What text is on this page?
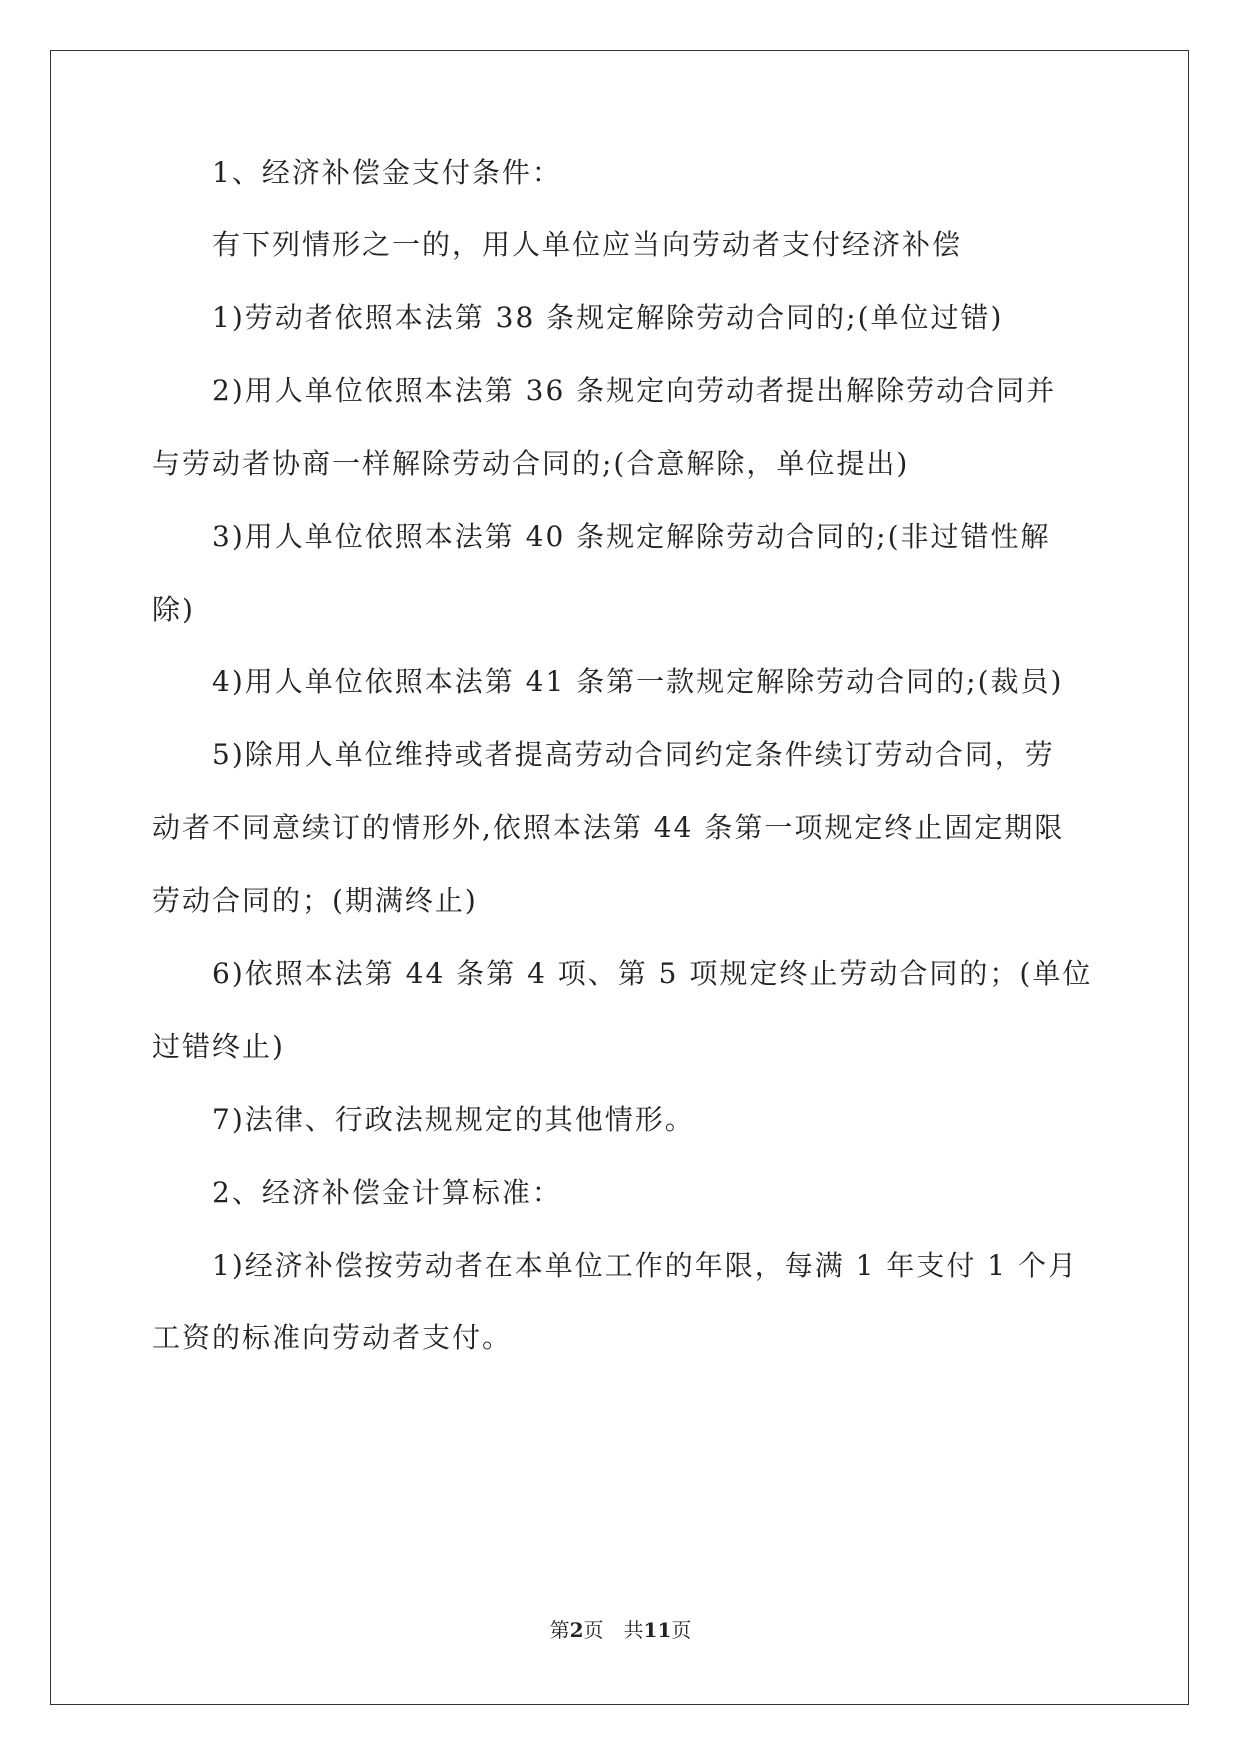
1、经济补偿金支付条件：
有下列情形之一的，用人单位应当向劳动者支付经济补偿
1)劳动者依照本法第 38 条规定解除劳动合同的;(单位过错)
2)用人单位依照本法第 36 条规定向劳动者提出解除劳动合同并
与劳动者协商一样解除劳动合同的;(合意解除，单位提出)
3)用人单位依照本法第 40 条规定解除劳动合同的;(非过错性解
除)
4)用人单位依照本法第 41 条第一款规定解除劳动合同的;(裁员)
5)除用人单位维持或者提高劳动合同约定条件续订劳动合同，劳
动者不同意续订的情形外,依照本法第 44 条第一项规定终止固定期限
劳动合同的；(期满终止)
6)依照本法第 44 条第 4 项、第 5 项规定终止劳动合同的；(单位
过错终止)
7)法律、行政法规规定的其他情形。
2、经济补偿金计算标准：
1)经济补偿按劳动者在本单位工作的年限，每满 1 年支付 1 个月
工资的标准向劳动者支付。
第2页　共11页
